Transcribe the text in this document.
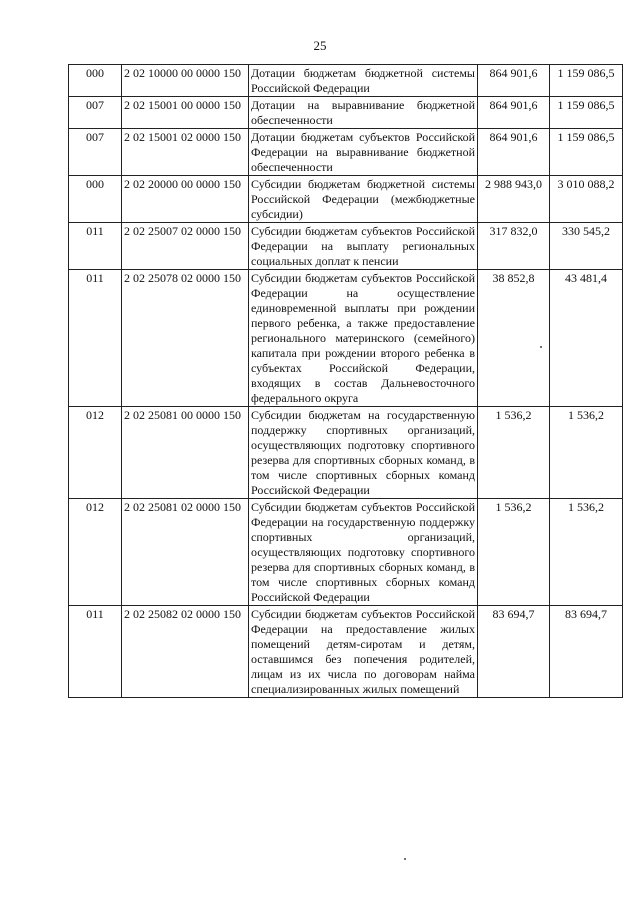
25
000	2 02 10000 00 0000 150	Дотации бюджетам бюджетной системы Российской Федерации	864 901,6	1 159 086,5
007	2 02 15001 00 0000 150	Дотации на выравнивание бюджетной обеспеченности	864 901,6	1 159 086,5
007	2 02 15001 02 0000 150	Дотации бюджетам субъектов Российской Федерации на выравнивание бюджетной обеспеченности	864 901,6	1 159 086,5
000	2 02 20000 00 0000 150	Субсидии бюджетам бюджетной системы Российской Федерации (межбюджетные субсидии)	2 988 943,0	3 010 088,2
011	2 02 25007 02 0000 150	Субсидии бюджетам субъектов Российской Федерации на выплату региональных социальных доплат к пенсии	317 832,0	330 545,2
011	2 02 25078 02 0000 150	Субсидии бюджетам субъектов Российской Федерации на осуществление единовременной выплаты при рождении первого ребенка, а также предоставление регионального материнского (семейного) капитала при рождении второго ребенка в субъектах Российской Федерации, входящих в состав Дальневосточного федерального округа	38 852,8	43 481,4
012	2 02 25081 00 0000 150	Субсидии бюджетам на государственную поддержку спортивных организаций, осуществляющих подготовку спортивного резерва для спортивных сборных команд, в том числе спортивных сборных команд Российской Федерации	1 536,2	1 536,2
012	2 02 25081 02 0000 150	Субсидии бюджетам субъектов Российской Федерации на государственную поддержку спортивных организаций, осуществляющих подготовку спортивного резерва для спортивных сборных команд, в том числе спортивных сборных команд Российской Федерации	1 536,2	1 536,2
011	2 02 25082 02 0000 150	Субсидии бюджетам субъектов Российской Федерации на предоставление жилых помещений детям-сиротам и детям, оставшимся без попечения родителей, лицам из их числа по договорам найма специализированных жилых помещений	83 694,7	83 694,7
